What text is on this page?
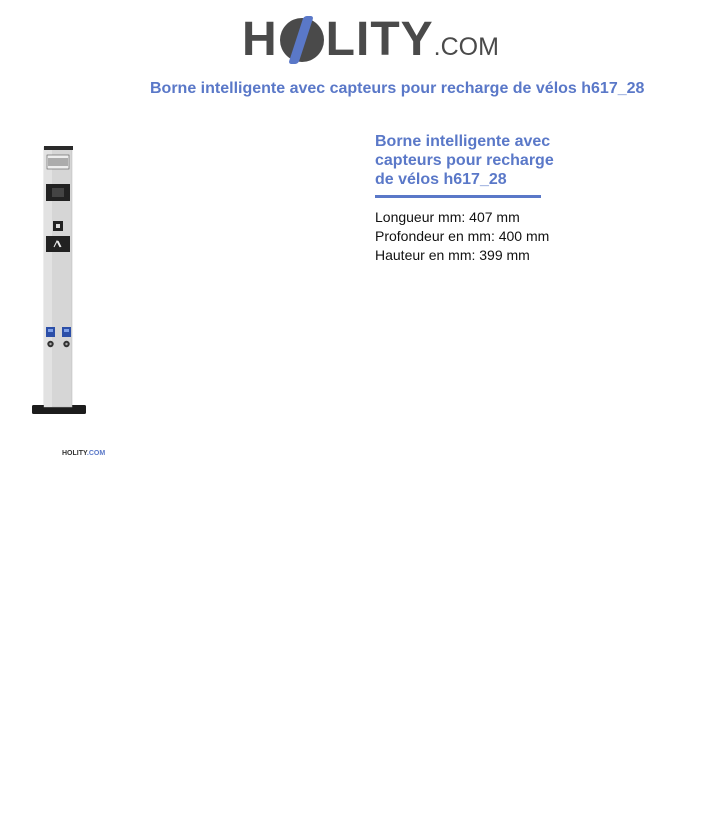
H LITY .COM
Borne intelligente avec capteurs pour recharge de vélos h617_28
HOLITY.COM
Borne intelligente avec
capteurs pour recharge
de vélos h617_28
Longueur mm: 407 mm
Profondeur en mm: 400 mm
Hauteur en mm: 399 mm
